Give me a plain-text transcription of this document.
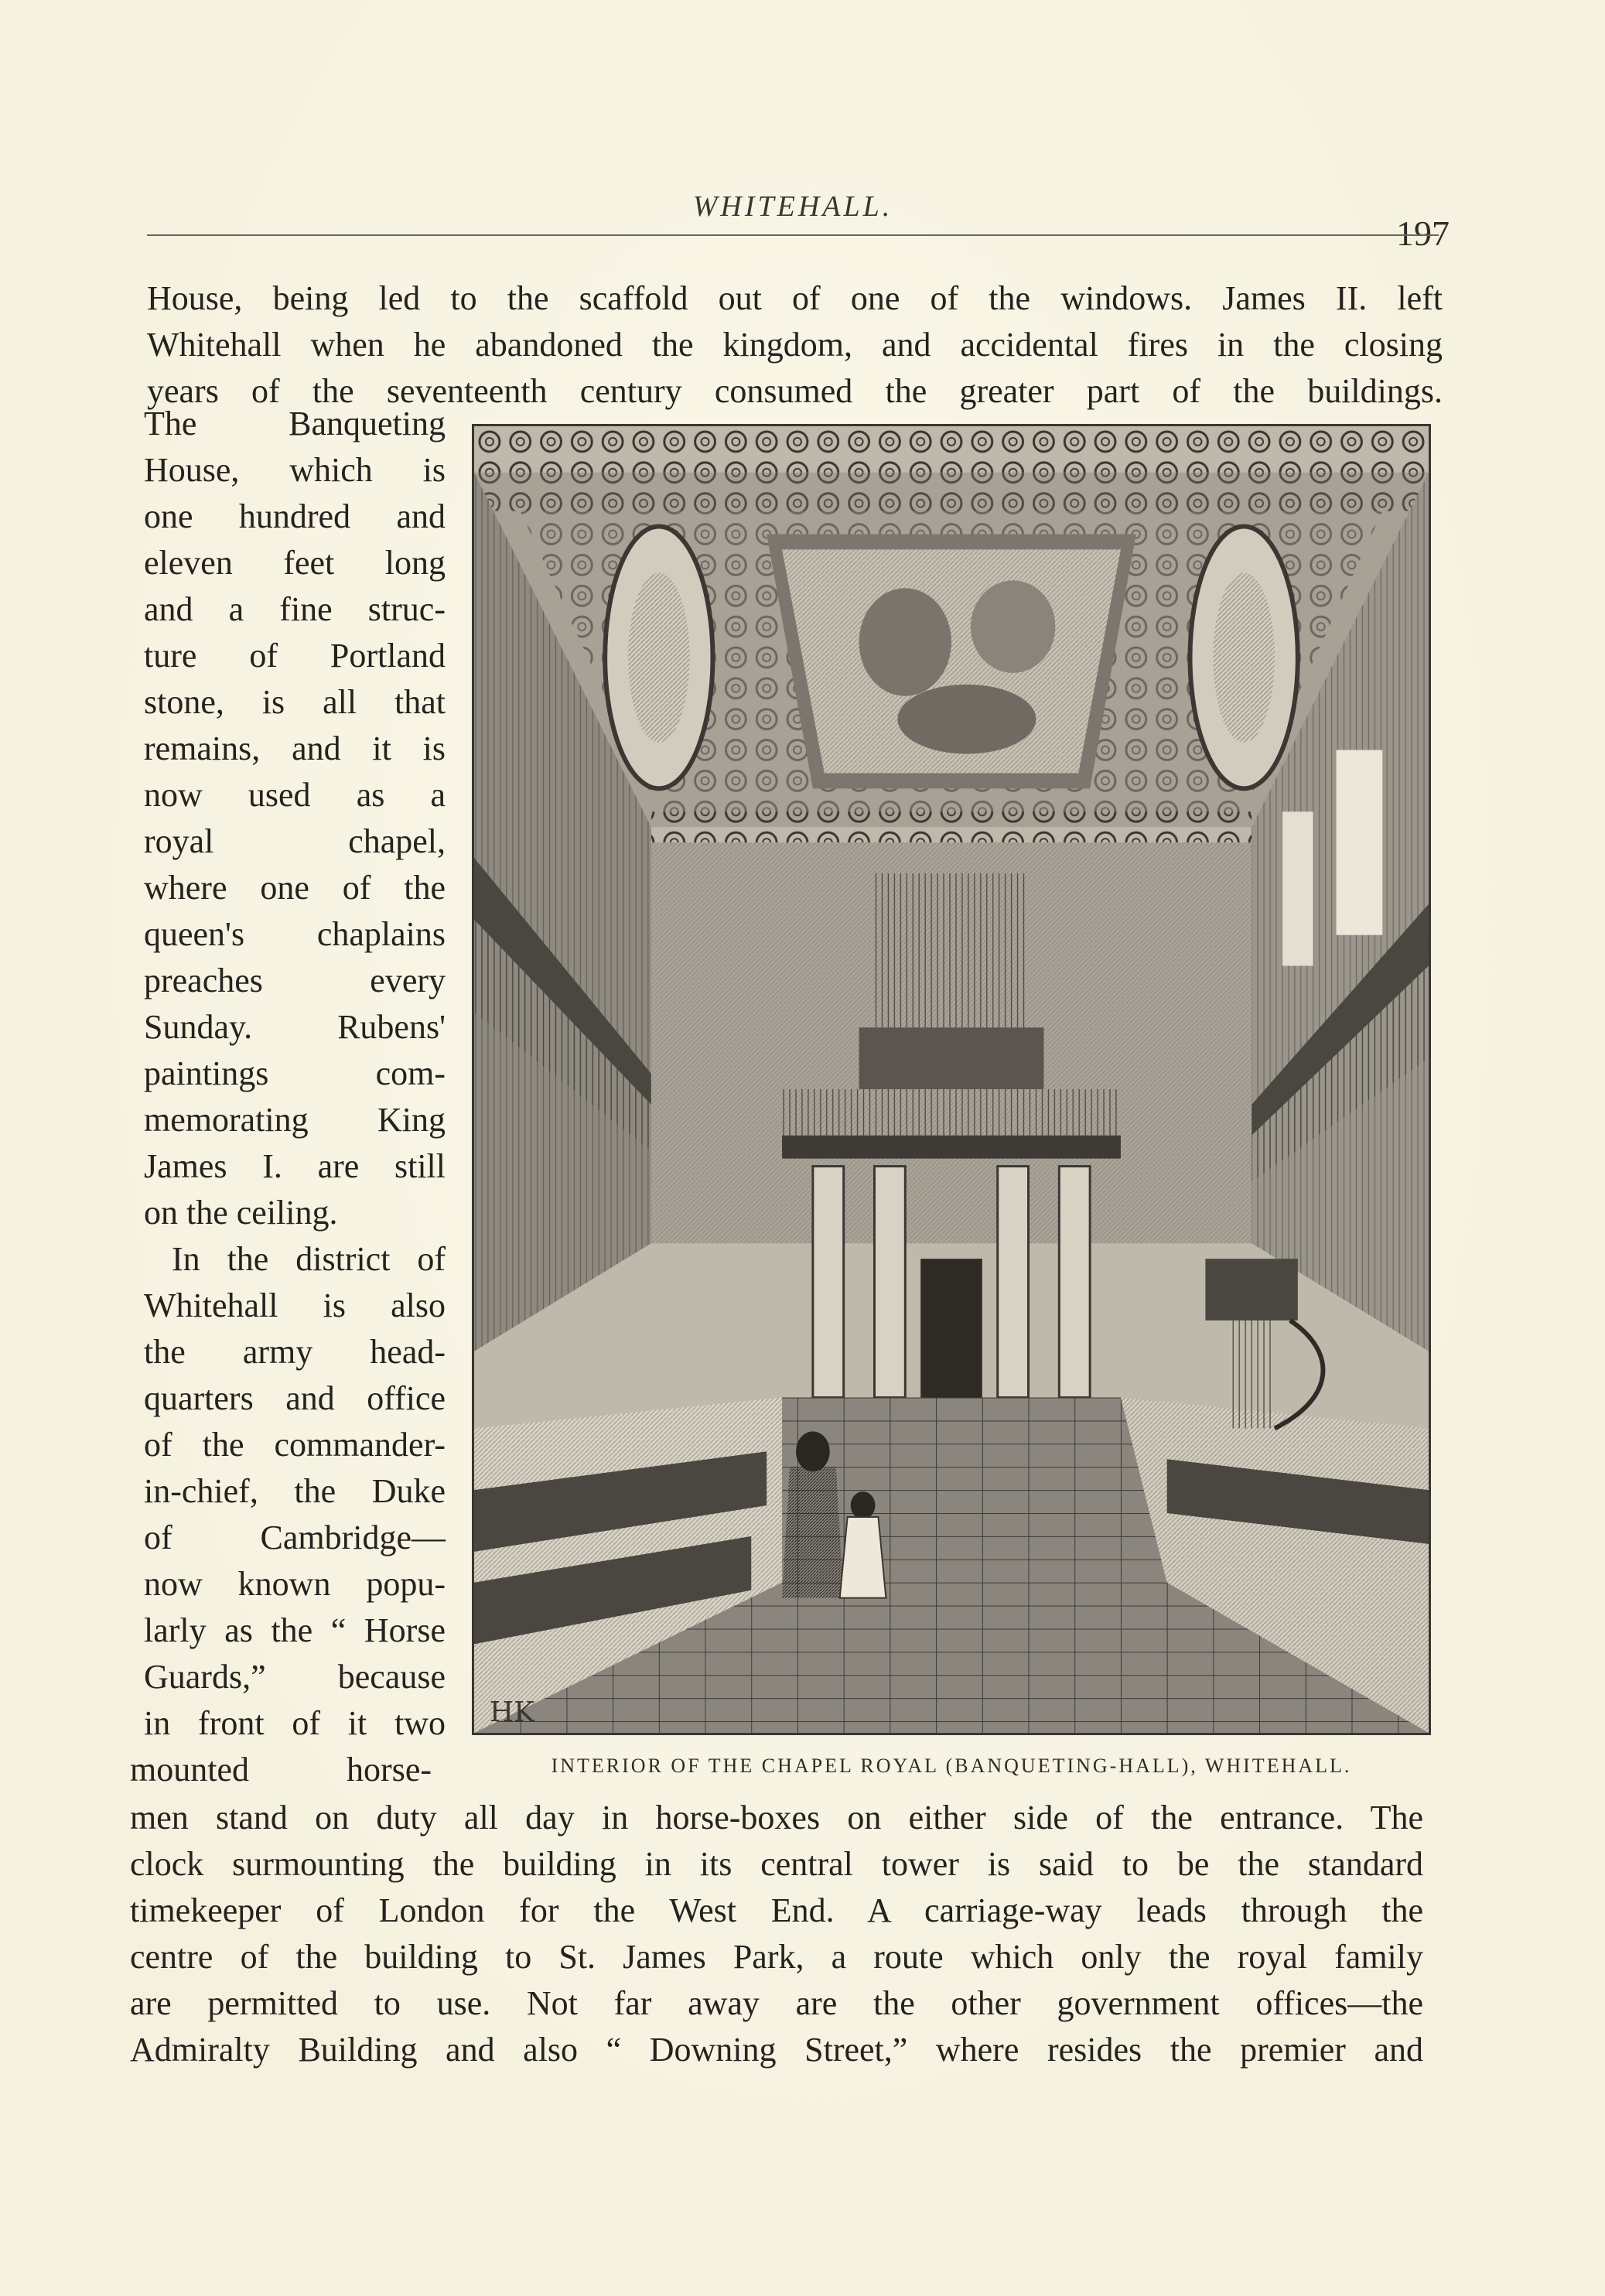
WHITEHALL.
197
House, being led to the scaffold out of one of the windows. James II. left
Whitehall when he abandoned the kingdom, and accidental fires in the closing
years of the seventeenth century consumed the greater part of the buildings.
The Banqueting
House, which is
one hundred and
eleven feet long
and a fine struc-
ture of Portland
stone, is all that
remains, and it is
now used as a
royal chapel,
where one of the
queen's chaplains
preaches every
Sunday. Rubens'
paintings com-
memorating King
James I. are still
on the ceiling.
In the district of
Whitehall is also
the army head-
quarters and office
of the commander-
in-chief, the Duke
of Cambridge—
now known popu-
larly as the “ Horse
Guards,” because
in front of it two
mounted horse-
HK
INTERIOR OF THE CHAPEL ROYAL (BANQUETING-HALL), WHITEHALL.
men stand on duty all day in horse-boxes on either side of the entrance. The
clock surmounting the building in its central tower is said to be the standard
timekeeper of London for the West End. A carriage-way leads through the
centre of the building to St. James Park, a route which only the royal family
are permitted to use. Not far away are the other government offices—the
Admiralty Building and also “ Downing Street,” where resides the premier and
